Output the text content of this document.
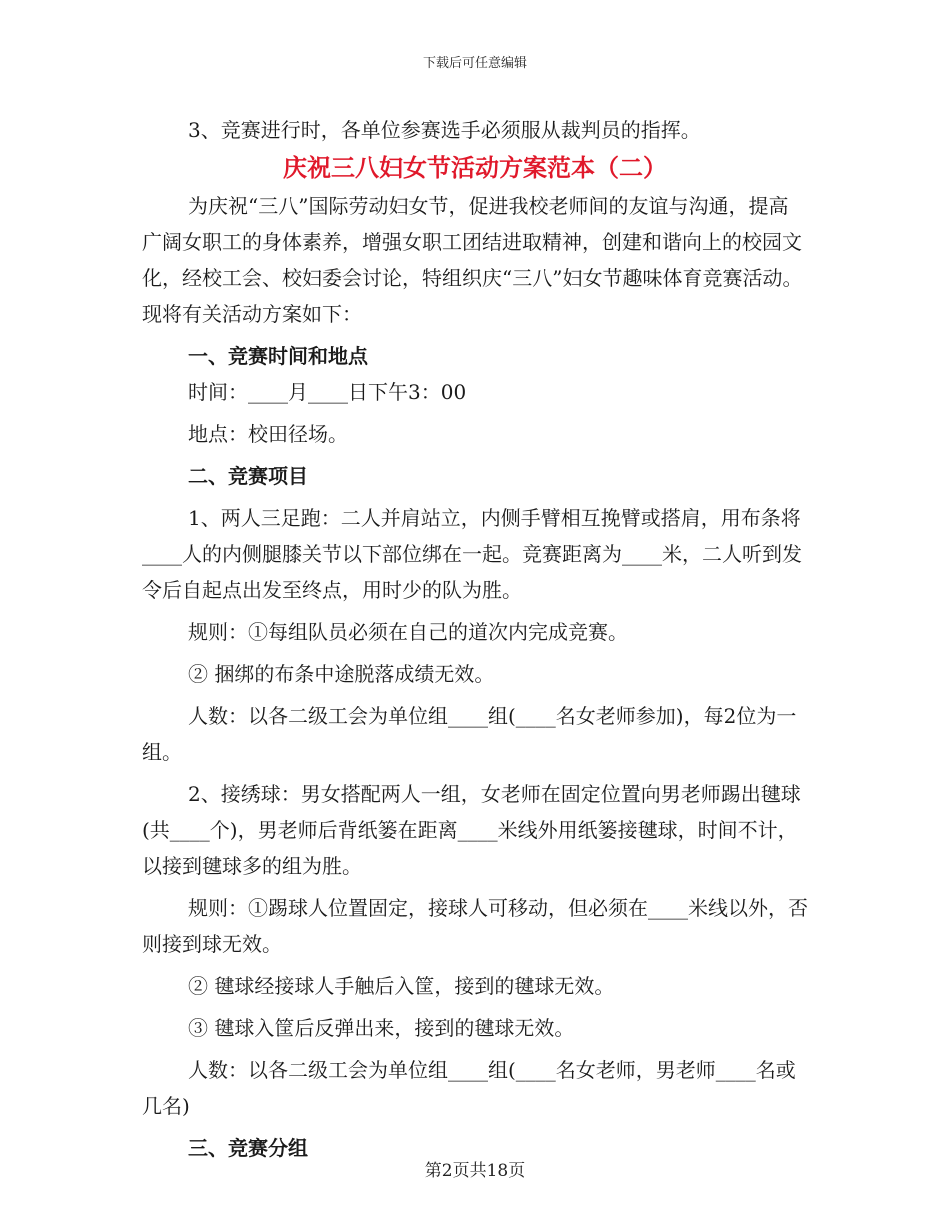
下载后可任意编辑

3、竞赛进行时，各单位参赛选手必须服从裁判员的指挥。

庆祝三八妇女节活动方案范本（二）

为庆祝“三八”国际劳动妇女节，促进我校老师间的友谊与沟通，提高广阔女职工的身体素养，增强女职工团结进取精神，创建和谐向上的校园文化，经校工会、校妇委会讨论，特组织庆“三八”妇女节趣味体育竞赛活动。现将有关活动方案如下：

一、竞赛时间和地点

时间：____月____日下午3：00

地点：校田径场。

二、竞赛项目

1、两人三足跑：二人并肩站立，内侧手臂相互挽臂或搭肩，用布条将____人的内侧腿膝关节以下部位绑在一起。竞赛距离为____米，二人听到发令后自起点出发至终点，用时少的队为胜。

规则：①每组队员必须在自己的道次内完成竞赛。

② 捆绑的布条中途脱落成绩无效。

人数：以各二级工会为单位组____组(____名女老师参加)，每2位为一组。

2、接绣球：男女搭配两人一组，女老师在固定位置向男老师踢出毽球(共____个)，男老师后背纸篓在距离____米线外用纸篓接毽球，时间不计，以接到毽球多的组为胜。

规则：①踢球人位置固定，接球人可移动，但必须在____米线以外，否则接到球无效。

② 毽球经接球人手触后入筐，接到的毽球无效。

③ 毽球入筐后反弹出来，接到的毽球无效。

人数：以各二级工会为单位组____组(____名女老师，男老师____名或几名)

三、竞赛分组

第2页共18页
